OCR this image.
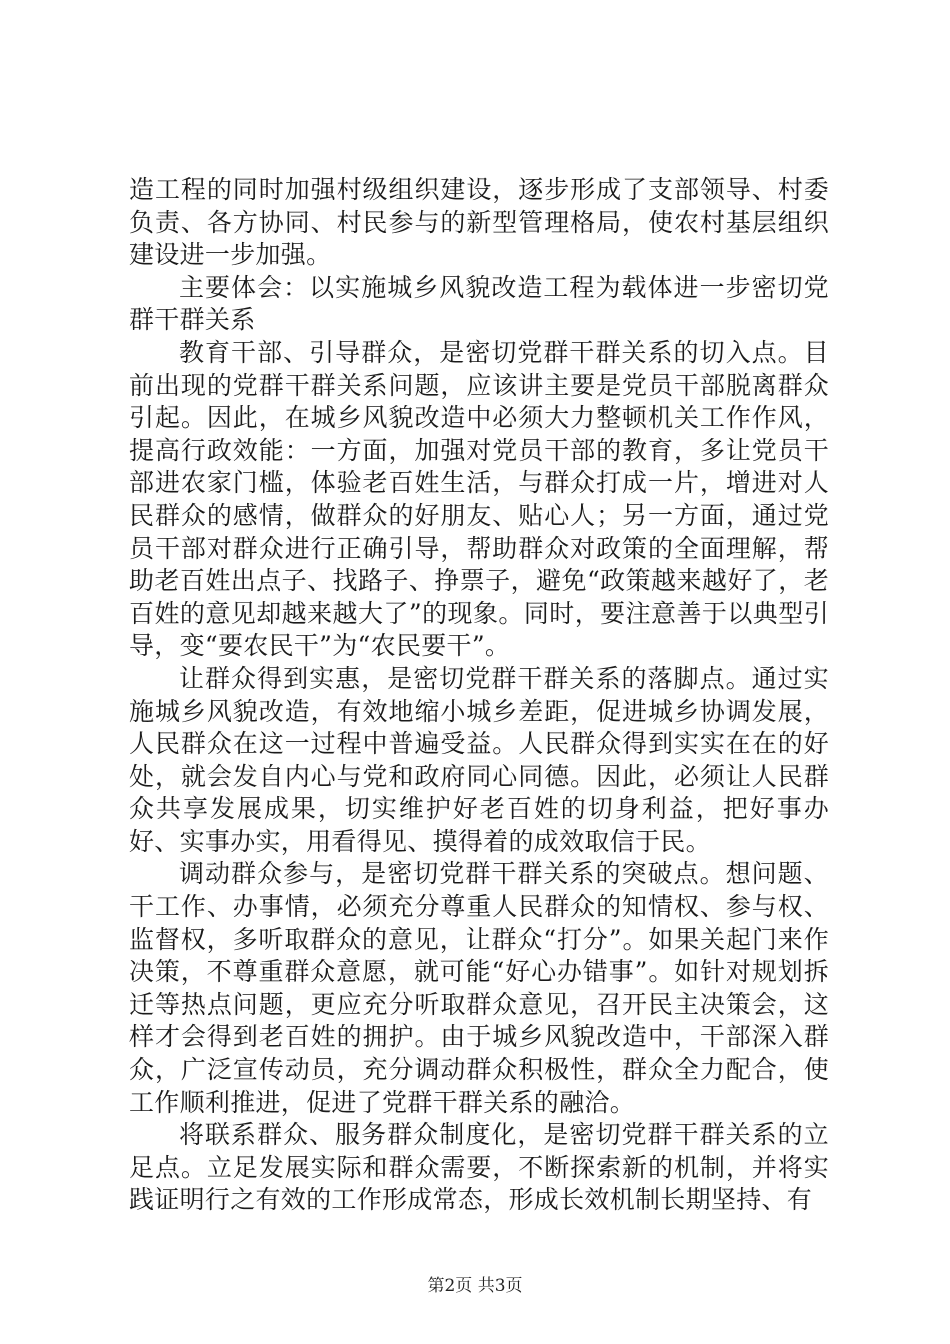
造工程的同时加强村级组织建设，逐步形成了支部领导、村委负责、各方协同、村民参与的新型管理格局，使农村基层组织建设进一步加强。

主要体会：以实施城乡风貌改造工程为载体进一步密切党群干群关系

教育干部、引导群众，是密切党群干群关系的切入点。目前出现的党群干群关系问题，应该讲主要是党员干部脱离群众引起。因此，在城乡风貌改造中必须大力整顿机关工作作风，提高行政效能：一方面，加强对党员干部的教育，多让党员干部进农家门槛，体验老百姓生活，与群众打成一片，增进对人民群众的感情，做群众的好朋友、贴心人；另一方面，通过党员干部对群众进行正确引导，帮助群众对政策的全面理解，帮助老百姓出点子、找路子、挣票子，避免“政策越来越好了，老百姓的意见却越来越大了”的现象。同时，要注意善于以典型引导，变“要农民干”为“农民要干”。

让群众得到实惠，是密切党群干群关系的落脚点。通过实施城乡风貌改造，有效地缩小城乡差距，促进城乡协调发展，人民群众在这一过程中普遍受益。人民群众得到实实在在的好处，就会发自内心与党和政府同心同德。因此，必须让人民群众共享发展成果，切实维护好老百姓的切身利益，把好事办好、实事办实，用看得见、摸得着的成效取信于民。

调动群众参与，是密切党群干群关系的突破点。想问题、干工作、办事情，必须充分尊重人民群众的知情权、参与权、监督权，多听取群众的意见，让群众“打分”。如果关起门来作决策，不尊重群众意愿，就可能“好心办错事”。如针对规划拆迁等热点问题，更应充分听取群众意见，召开民主决策会，这样才会得到老百姓的拥护。由于城乡风貌改造中，干部深入群众，广泛宣传动员，充分调动群众积极性，群众全力配合，使工作顺利推进，促进了党群干群关系的融洽。

将联系群众、服务群众制度化，是密切党群干群关系的立足点。立足发展实际和群众需要，不断探索新的机制，并将实践证明行之有效的工作形成常态，形成长效机制长期坚持、有

第2页 共3页
